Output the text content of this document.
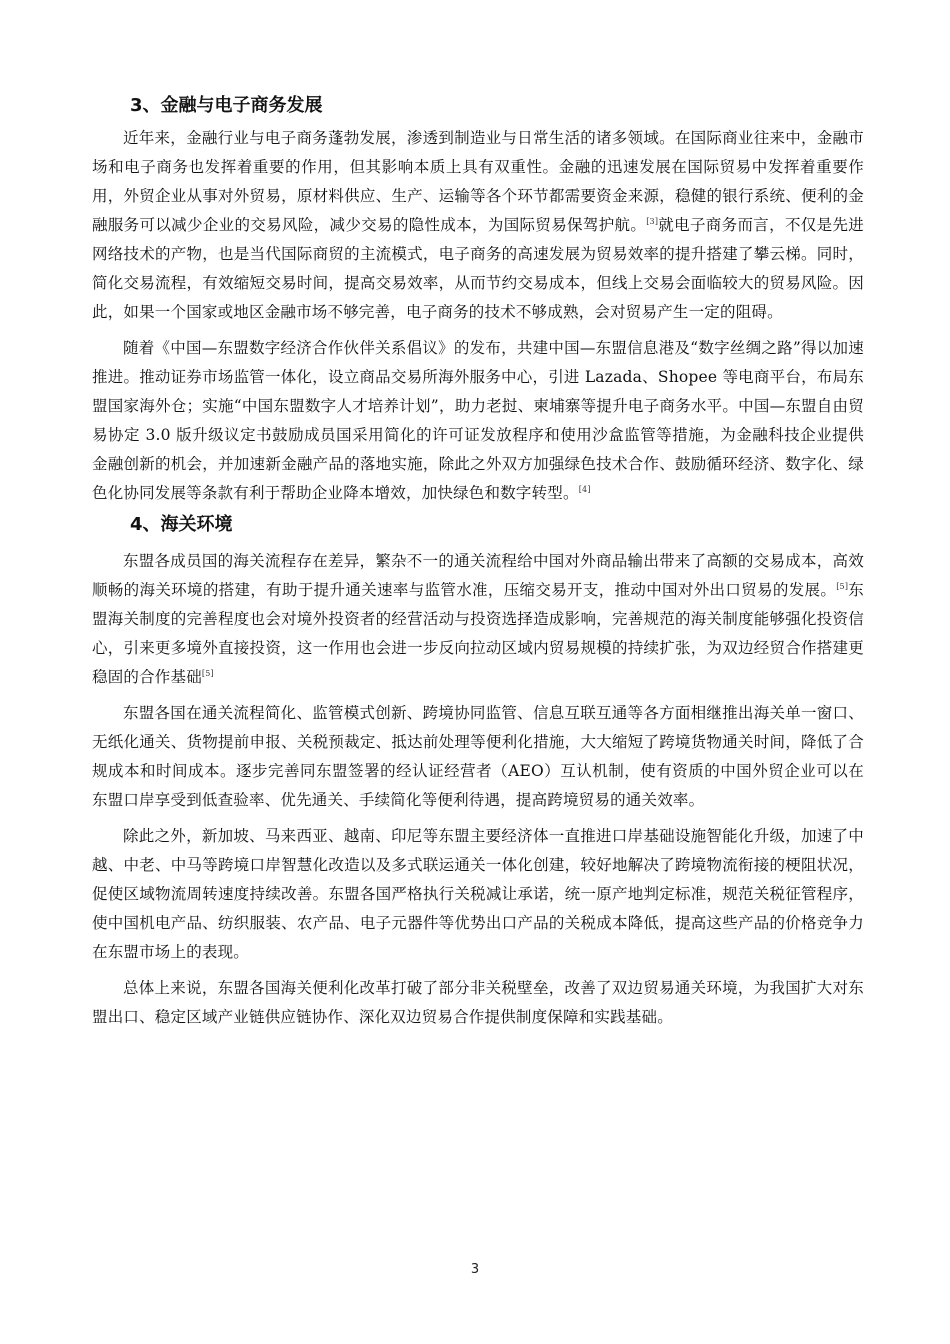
3、金融与电子商务发展

近年来，金融行业与电子商务蓬勃发展，渗透到制造业与日常生活的诸多领域。在国际商业往来中，金融市场和电子商务也发挥着重要的作用，但其影响本质上具有双重性。金融的迅速发展在国际贸易中发挥着重要作用，外贸企业从事对外贸易，原材料供应、生产、运输等各个环节都需要资金来源，稳健的银行系统、便利的金融服务可以减少企业的交易风险，减少交易的隐性成本，为国际贸易保驾护航。[3]就电子商务而言，不仅是先进网络技术的产物，也是当代国际商贸的主流模式，电子商务的高速发展为贸易效率的提升搭建了攀云梯。同时，简化交易流程，有效缩短交易时间，提高交易效率，从而节约交易成本，但线上交易会面临较大的贸易风险。因此，如果一个国家或地区金融市场不够完善，电子商务的技术不够成熟，会对贸易产生一定的阻碍。

随着《中国—东盟数字经济合作伙伴关系倡议》的发布，共建中国—东盟信息港及“数字丝绸之路”得以加速推进。推动证券市场监管一体化，设立商品交易所海外服务中心，引进 Lazada、Shopee 等电商平台，布局东盟国家海外仓；实施“中国东盟数字人才培养计划”，助力老挝、柬埔寨等提升电子商务水平。中国—东盟自由贸易协定 3.0 版升级议定书鼓励成员国采用简化的许可证发放程序和使用沙盒监管等措施，为金融科技企业提供金融创新的机会，并加速新金融产品的落地实施，除此之外双方加强绿色技术合作、鼓励循环经济、数字化、绿色化协同发展等条款有利于帮助企业降本增效，加快绿色和数字转型。[4]

4、海关环境

东盟各成员国的海关流程存在差异，繁杂不一的通关流程给中国对外商品输出带来了高额的交易成本，高效顺畅的海关环境的搭建，有助于提升通关速率与监管水准，压缩交易开支，推动中国对外出口贸易的发展。[5]东盟海关制度的完善程度也会对境外投资者的经营活动与投资选择造成影响，完善规范的海关制度能够强化投资信心，引来更多境外直接投资，这一作用也会进一步反向拉动区域内贸易规模的持续扩张，为双边经贸合作搭建更稳固的合作基础[5]

东盟各国在通关流程简化、监管模式创新、跨境协同监管、信息互联互通等各方面相继推出海关单一窗口、无纸化通关、货物提前申报、关税预裁定、抵达前处理等便利化措施，大大缩短了跨境货物通关时间，降低了合规成本和时间成本。逐步完善同东盟签署的经认证经营者（AEO）互认机制，使有资质的中国外贸企业可以在东盟口岸享受到低查验率、优先通关、手续简化等便利待遇，提高跨境贸易的通关效率。

除此之外，新加坡、马来西亚、越南、印尼等东盟主要经济体一直推进口岸基础设施智能化升级，加速了中越、中老、中马等跨境口岸智慧化改造以及多式联运通关一体化创建，较好地解决了跨境物流衔接的梗阻状况，促使区域物流周转速度持续改善。东盟各国严格执行关税减让承诺，统一原产地判定标准，规范关税征管程序，使中国机电产品、纺织服装、农产品、电子元器件等优势出口产品的关税成本降低，提高这些产品的价格竞争力在东盟市场上的表现。

总体上来说，东盟各国海关便利化改革打破了部分非关税壁垒，改善了双边贸易通关环境，为我国扩大对东盟出口、稳定区域产业链供应链协作、深化双边贸易合作提供制度保障和实践基础。

3
